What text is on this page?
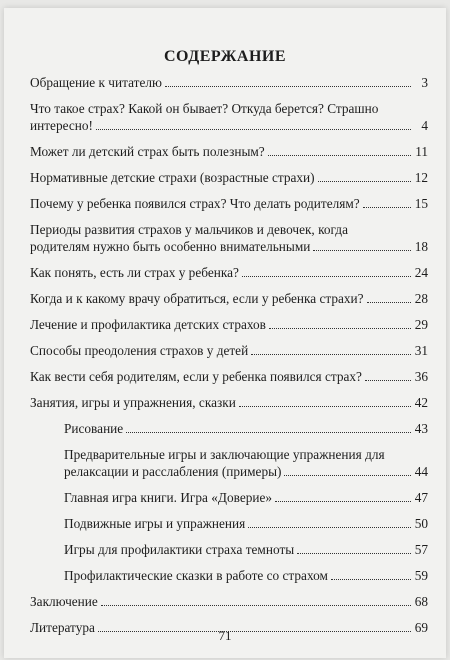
СОДЕРЖАНИЕ
Обращение к читателю	3
Что такое страх? Какой он бывает? Откуда берется? Страшно
интересно!	4
Может ли детский страх быть полезным?	11
Нормативные детские страхи (возрастные страхи)	12
Почему у ребенка появился страх? Что делать родителям?	15
Периоды развития страхов у мальчиков и девочек, когда
родителям нужно быть особенно внимательными	18
Как понять, есть ли страх у ребенка?	24
Когда и к какому врачу обратиться, если у ребенка страхи?	28
Лечение и профилактика детских страхов	29
Способы преодоления страхов у детей	31
Как вести себя родителям, если у ребенка появился страх?	36
Занятия, игры и упражнения, сказки	42
Рисование	43
Предварительные игры и заключающие упражнения для
релаксации и расслабления (примеры)	44
Главная игра книги. Игра «Доверие»	47
Подвижные игры и упражнения	50
Игры для профилактики страха темноты	57
Профилактические сказки в работе со страхом	59
Заключение	68
Литература	69
71
